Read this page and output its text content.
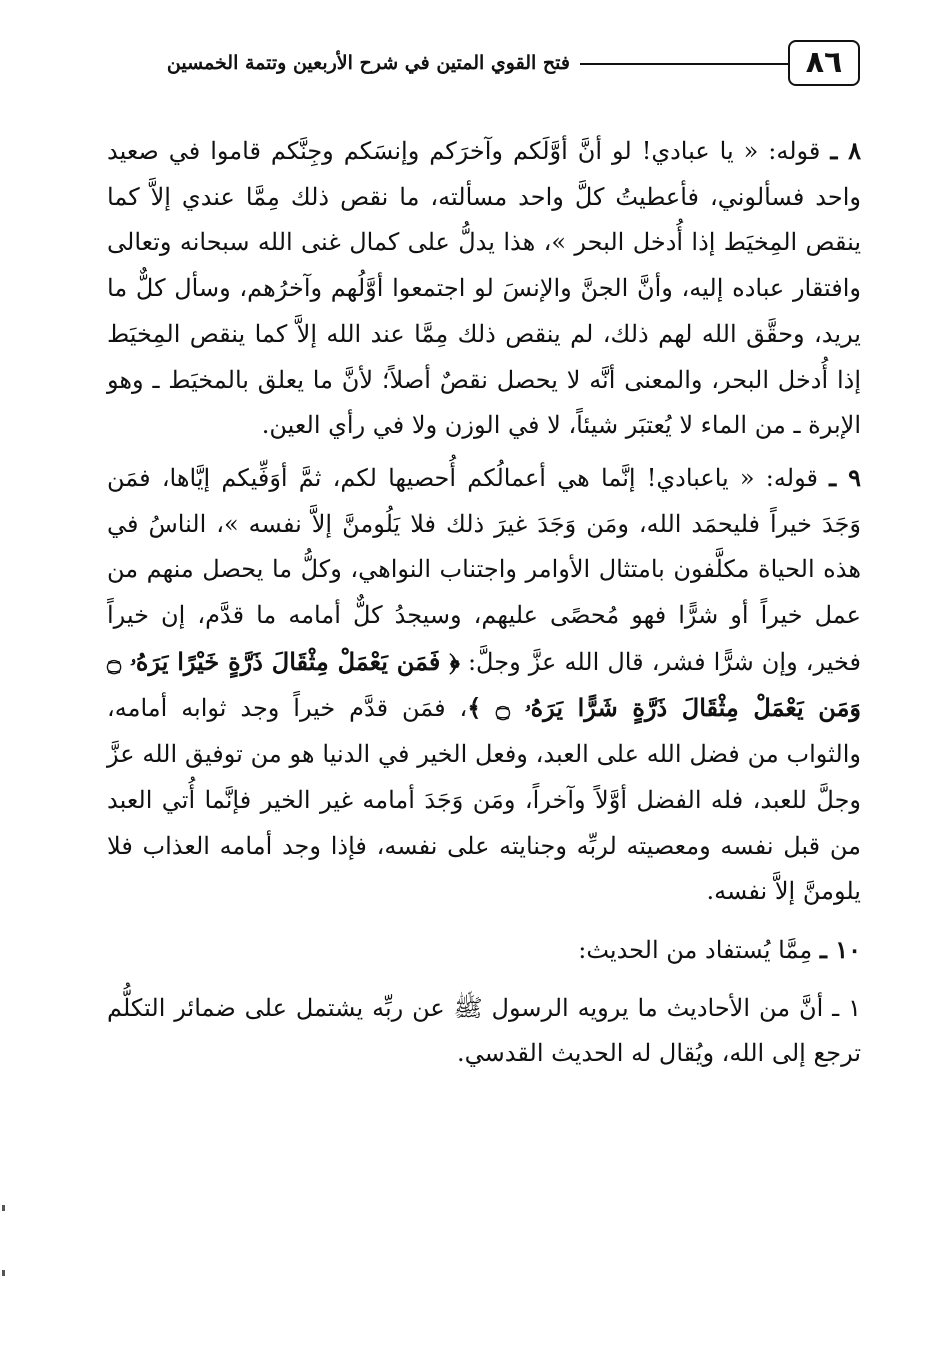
٨٦
فتح القوي المتين في شرح الأربعين وتتمة الخمسين

٨ ـ قوله: « يا عبادي! لو أنَّ أوَّلَكم وآخرَكم وإنسَكم وجِنَّكم قاموا في صعيد واحد فسألوني، فأعطيتُ كلَّ واحد مسألته، ما نقص ذلك مِمَّا عندي إلاَّ كما ينقص المِخيَط إذا أُدخل البحر »، هذا يدلُّ على كمال غنى الله سبحانه وتعالى وافتقار عباده إليه، وأنَّ الجنَّ والإنسَ لو اجتمعوا أوَّلُهم وآخرُهم، وسأل كلٌّ ما يريد، وحقَّق الله لهم ذلك، لم ينقص ذلك مِمَّا عند الله إلاَّ كما ينقص المِخيَط إذا أُدخل البحر، والمعنى أنَّه لا يحصل نقصٌ أصلاً؛ لأنَّ ما يعلق بالمخيَط ـ وهو الإبرة ـ من الماء لا يُعتبَر شيئاً، لا في الوزن ولا في رأي العين.

٩ ـ قوله: « ياعبادي! إنَّما هي أعمالُكم أُحصيها لكم، ثمَّ أوَفِّيكم إيَّاها، فمَن وَجَدَ خيراً فليحمَد الله، ومَن وَجَدَ غيرَ ذلك فلا يَلُومنَّ إلاَّ نفسه »، الناسُ في هذه الحياة مكلَّفون بامتثال الأوامر واجتناب النواهي، وكلُّ ما يحصل منهم من عمل خيراً أو شرًّا فهو مُحصًى عليهم، وسيجدُ كلٌّ أمامه ما قدَّم، إن خيراً فخير، وإن شرًّا فشر، قال الله عزَّ وجلَّ: ﴿ فَمَن يَعْمَلْ مِثْقَالَ ذَرَّةٍ خَيْرًا يَرَهُۥ ۝ وَمَن يَعْمَلْ مِثْقَالَ ذَرَّةٍ شَرًّا يَرَهُۥ ۝ ﴾، فمَن قدَّم خيراً وجد ثوابه أمامه، والثواب من فضل الله على العبد، وفعل الخير في الدنيا هو من توفيق الله عزَّ وجلَّ للعبد، فله الفضل أوَّلاً وآخراً، ومَن وَجَدَ أمامه غير الخير فإنَّما أُتي العبد من قبل نفسه ومعصيته لربِّه وجنايته على نفسه، فإذا وجد أمامه العذاب فلا يلومنَّ إلاَّ نفسه.

١٠ ـ مِمَّا يُستفاد من الحديث:

١ ـ أنَّ من الأحاديث ما يرويه الرسول ﷺ عن ربِّه يشتمل على ضمائر التكلُّم ترجع إلى الله، ويُقال له الحديث القدسي.
